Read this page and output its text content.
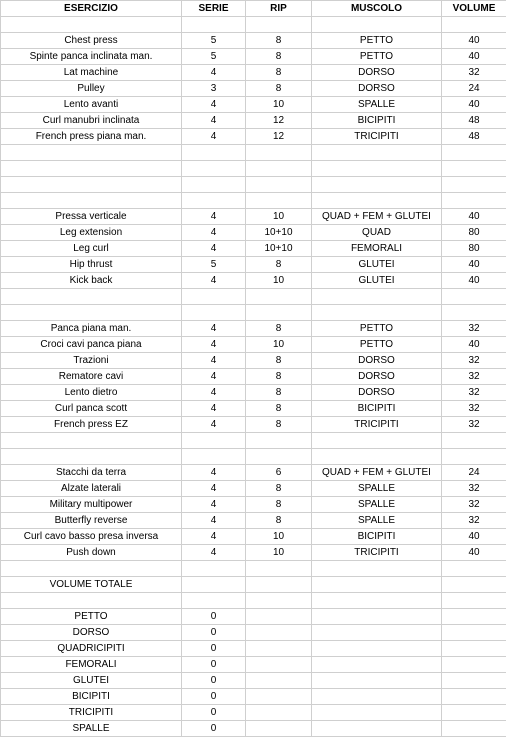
ESERCIZIO	SERIE	RIP	MUSCOLO	VOLUME

Chest press	5	8	PETTO	40
Spinte panca inclinata man.	5	8	PETTO	40
Lat machine	4	8	DORSO	32
Pulley	3	8	DORSO	24
Lento avanti	4	10	SPALLE	40
Curl manubri inclinata	4	12	BICIPITI	48
French press piana man.	4	12	TRICIPITI	48

Pressa verticale	4	10	QUAD + FEM + GLUTEI	40
Leg extension	4	10+10	QUAD	80
Leg curl	4	10+10	FEMORALI	80
Hip thrust	5	8	GLUTEI	40
Kick back	4	10	GLUTEI	40

Panca piana man.	4	8	PETTO	32
Croci cavi panca piana	4	10	PETTO	40
Trazioni	4	8	DORSO	32
Rematore cavi	4	8	DORSO	32
Lento dietro	4	8	DORSO	32
Curl panca scott	4	8	BICIPITI	32
French press EZ	4	8	TRICIPITI	32

Stacchi da terra	4	6	QUAD + FEM + GLUTEI	24
Alzate laterali	4	8	SPALLE	32
Military multipower	4	8	SPALLE	32
Butterfly reverse	4	8	SPALLE	32
Curl cavo basso presa inversa	4	10	BICIPITI	40
Push down	4	10	TRICIPITI	40

VOLUME TOTALE				

PETTO	0			
DORSO	0			
QUADRICIPITI	0			
FEMORALI	0			
GLUTEI	0			
BICIPITI	0			
TRICIPITI	0			
SPALLE	0			
